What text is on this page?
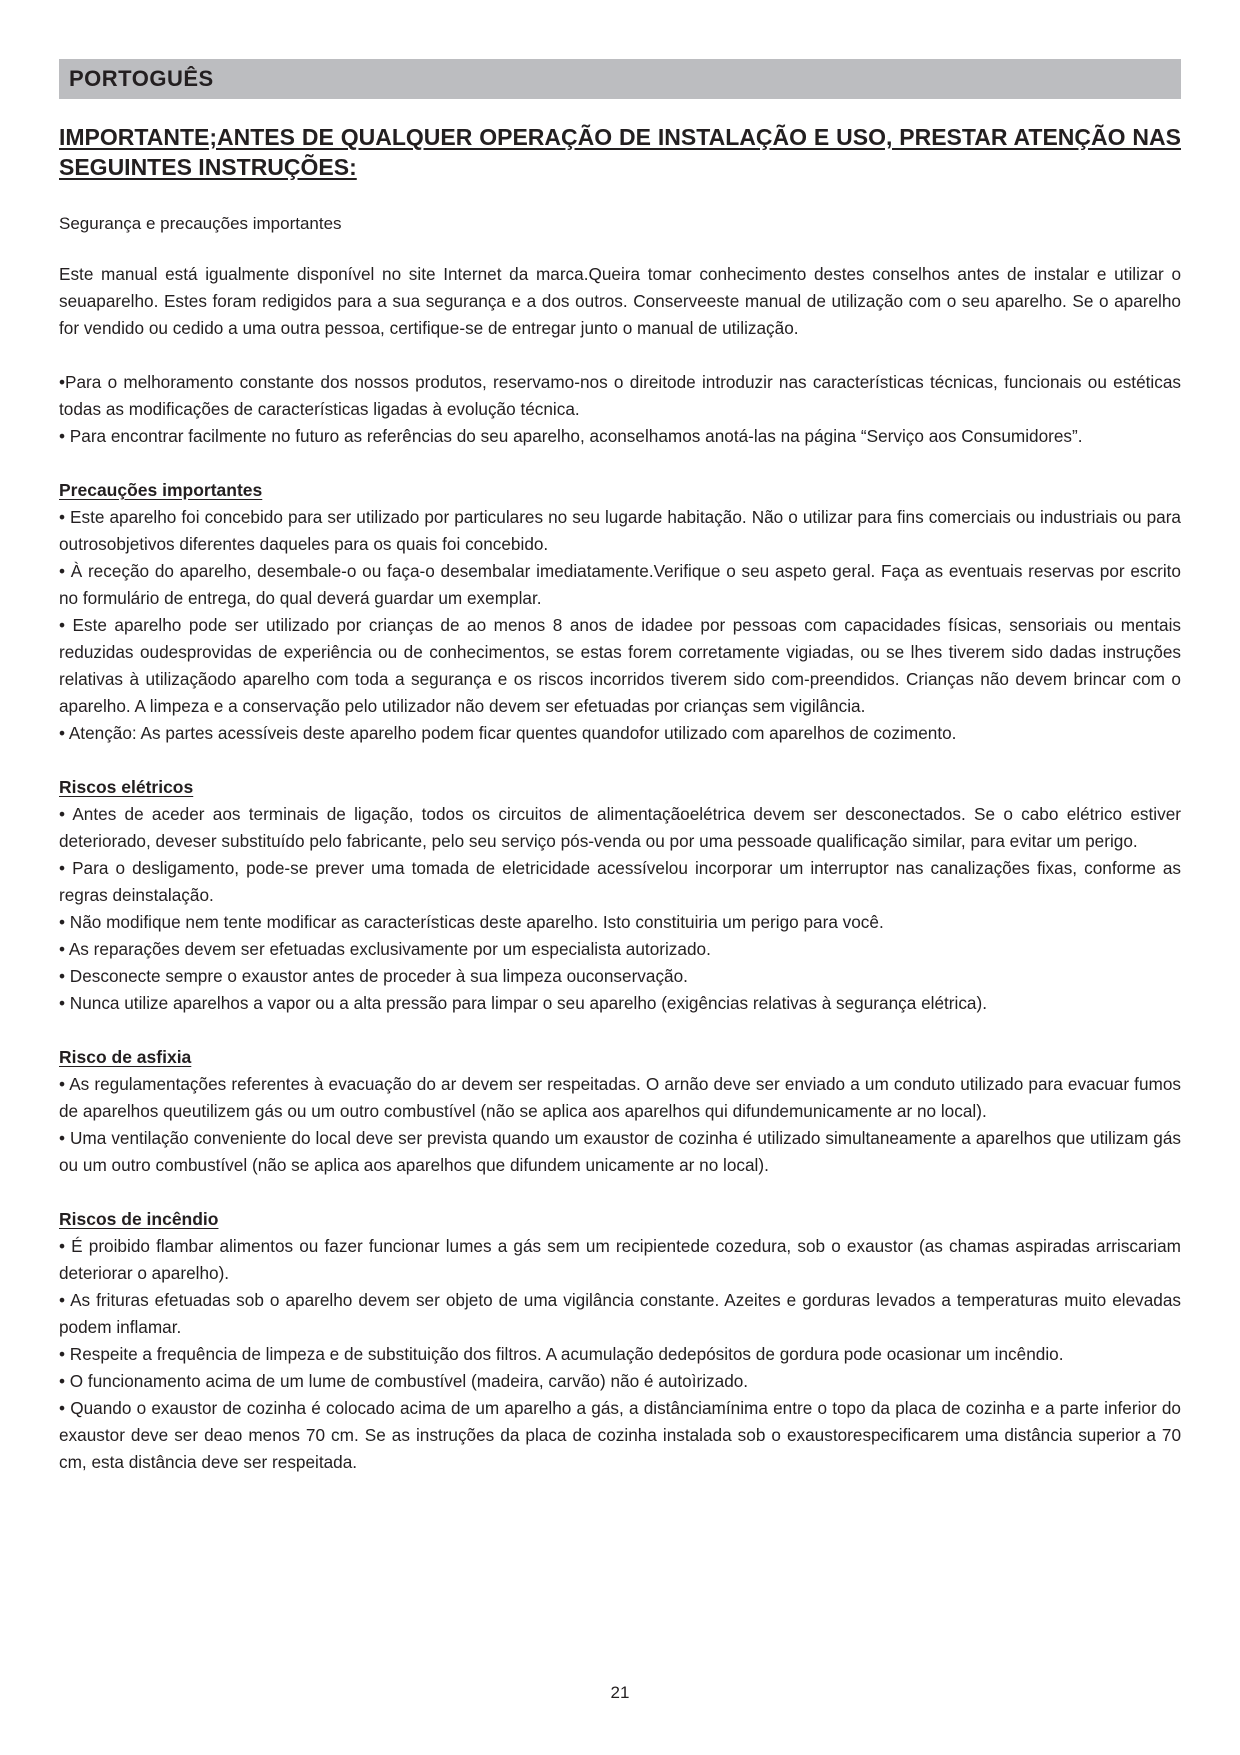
PORTOGUÊS
IMPORTANTE;ANTES DE QUALQUER OPERAÇÃO DE INSTALAÇÃO E USO, PRESTAR ATENÇÃO NAS SEGUINTES INSTRUÇÕES:
Segurança e precauções importantes

Este manual está igualmente disponível no site Internet da marca.Queira tomar conhecimento destes conselhos antes de instalar e utilizar o seuaparelho. Estes foram redigidos para a sua segurança e a dos outros. Conserveeste manual de utilização com o seu aparelho. Se o aparelho for vendido ou cedido a uma outra pessoa, certifique-se de entregar junto o manual de utilização.

•Para o melhoramento constante dos nossos produtos, reservamo-nos o direitode introduzir nas características técnicas, funcionais ou estéticas todas as modificações de características ligadas à evolução técnica.

• Para encontrar facilmente no futuro as referências do seu aparelho, aconselhamos anotá-las na página “Serviço aos Consumidores”.

Precauções importantes

• Este aparelho foi concebido para ser utilizado por particulares no seu lugarde habitação. Não o utilizar para fins comerciais ou industriais ou para outrosobjetivos diferentes daqueles para os quais foi concebido.

• À receção do aparelho, desembale-o ou faça-o desembalar imediatamente.Verifique o seu aspeto geral. Faça as eventuais reservas por escrito no formulário de entrega, do qual deverá guardar um exemplar.

• Este aparelho pode ser utilizado por crianças de ao menos 8 anos de idadee por pessoas com capacidades físicas, sensoriais ou mentais reduzidas oudesprovidas de experiência ou de conhecimentos, se estas forem corretamente vigiadas, ou se lhes tiverem sido dadas instruções relativas à utilizaçãodo aparelho com toda a segurança e os riscos incorridos tiverem sido com-preendidos. Crianças não devem brincar com o aparelho. A limpeza e a conservação pelo utilizador não devem ser efetuadas por crianças sem vigilância.

• Atenção: As partes acessíveis deste aparelho podem ficar quentes quandofor utilizado com aparelhos de cozimento.

Riscos elétricos

• Antes de aceder aos terminais de ligação, todos os circuitos de alimentaçãoelétrica devem ser desconectados. Se o cabo elétrico estiver deteriorado, deveser substituído pelo fabricante, pelo seu serviço pós-venda ou por uma pessoade qualificação similar, para evitar um perigo.

• Para o desligamento, pode-se prever uma tomada de eletricidade acessívelou incorporar um interruptor nas canalizações fixas, conforme as regras deinstalação.

• Não modifique nem tente modificar as características deste aparelho. Isto constituiria um perigo para você.

• As reparações devem ser efetuadas exclusivamente por um especialista autorizado.

• Desconecte sempre o exaustor antes de proceder à sua limpeza ouconservação.

• Nunca utilize aparelhos a vapor ou a alta pressão para limpar o seu aparelho (exigências relativas à segurança elétrica).

Risco de asfixia

• As regulamentações referentes à evacuação do ar devem ser respeitadas. O arnão deve ser enviado a um conduto utilizado para evacuar fumos de aparelhos queutilizem gás ou um outro combustível (não se aplica aos aparelhos qui difundemunicamente ar no local).

• Uma ventilação conveniente do local deve ser prevista quando um exaustor de cozinha é utilizado simultaneamente a aparelhos que utilizam gás ou um outro combustível (não se aplica aos aparelhos que difundem unicamente ar no local).

Riscos de incêndio

• É proibido flambar alimentos ou fazer funcionar lumes a gás sem um recipientede cozedura, sob o exaustor (as chamas aspiradas arriscariam deteriorar o aparelho).

• As frituras efetuadas sob o aparelho devem ser objeto de uma vigilância constante. Azeites e gorduras levados a temperaturas muito elevadas podem inflamar.

• Respeite a frequência de limpeza e de substituição dos filtros. A acumulação dedepósitos de gordura pode ocasionar um incêndio.

• O funcionamento acima de um lume de combustível (madeira, carvão) não é autoìrizado.

• Quando o exaustor de cozinha é colocado acima de um aparelho a gás, a distânciamínima entre o topo da placa de cozinha e a parte inferior do exaustor deve ser deao menos 70 cm. Se as instruções da placa de cozinha instalada sob o exaustorespecificarem uma distância superior a 70 cm, esta distância deve ser respeitada.

21
